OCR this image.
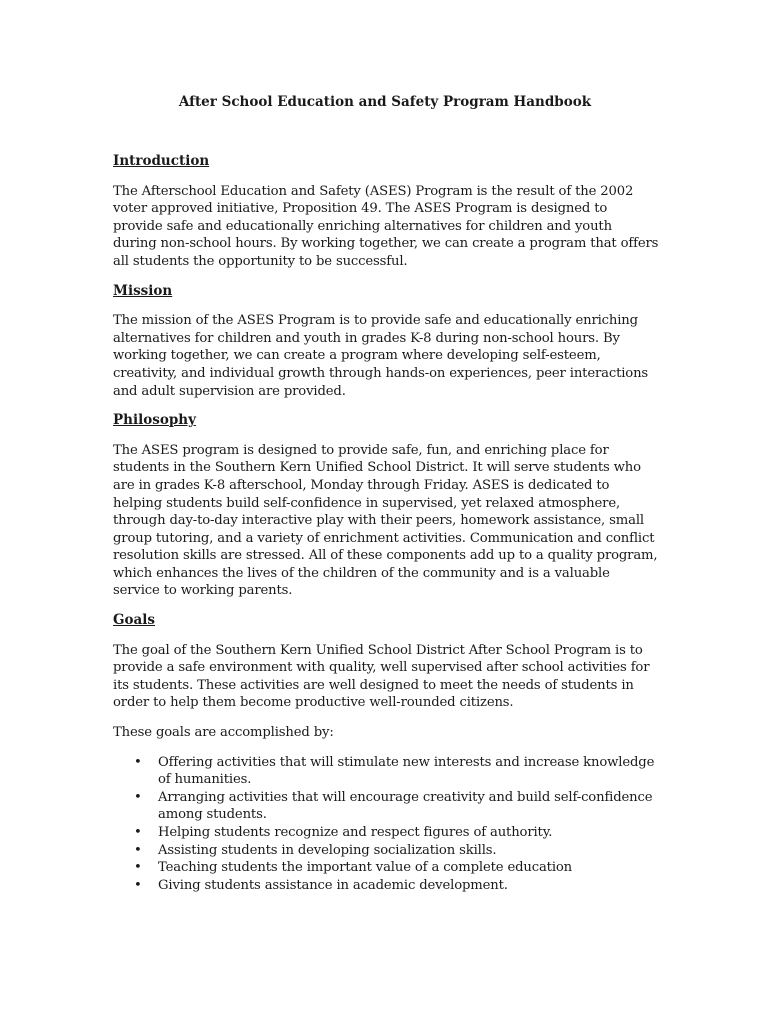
After School Education and Safety Program Handbook
Introduction

The Afterschool Education and Safety (ASES) Program is the result of the 2002 voter approved initiative, Proposition 49. The ASES Program is designed to provide safe and educationally enriching alternatives for children and youth during non-school hours. By working together, we can create a program that offers all students the opportunity to be successful.

Mission

The mission of the ASES Program is to provide safe and educationally enriching alternatives for children and youth in grades K-8 during non-school hours. By working together, we can create a program where developing self-esteem, creativity, and individual growth through hands-on experiences, peer interactions and adult supervision are provided.

Philosophy

The ASES program is designed to provide safe, fun, and enriching place for students in the Southern Kern Unified School District. It will serve students who are in grades K-8 afterschool, Monday through Friday. ASES is dedicated to helping students build self-confidence in supervised, yet relaxed atmosphere, through day-to-day interactive play with their peers, homework assistance, small group tutoring, and a variety of enrichment activities. Communication and conflict resolution skills are stressed. All of these components add up to a quality program, which enhances the lives of the children of the community and is a valuable service to working parents.

Goals

The goal of the Southern Kern Unified School District After School Program is to provide a safe environment with quality, well supervised after school activities for its students. These activities are well designed to meet the needs of students in order to help them become productive well-rounded citizens.

These goals are accomplished by:

• Offering activities that will stimulate new interests and increase knowledge of humanities.
• Arranging activities that will encourage creativity and build self-confidence among students.
• Helping students recognize and respect figures of authority.
• Assisting students in developing socialization skills.
• Teaching students the important value of a complete education
• Giving students assistance in academic development.
